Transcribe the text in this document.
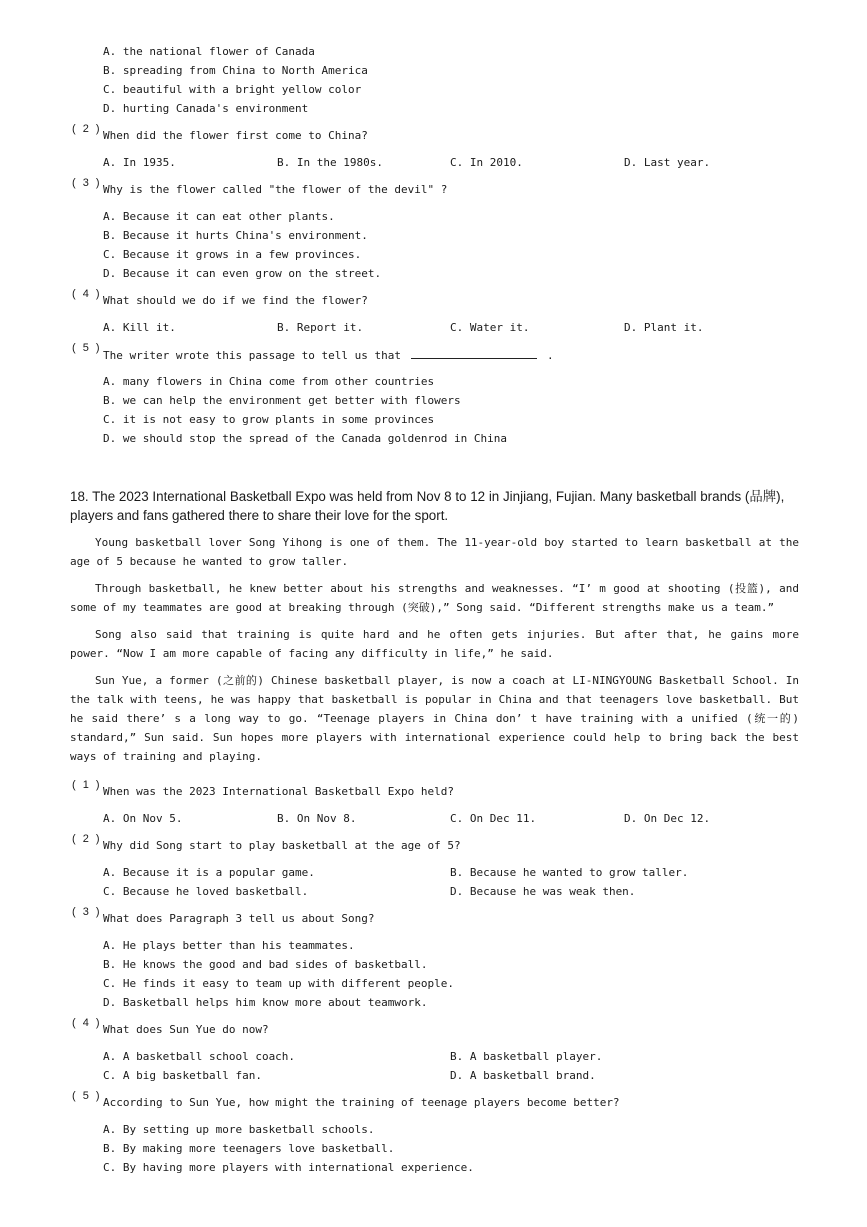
A. the national flower of Canada
B. spreading from China to North America
C. beautiful with a bright yellow color
D. hurting Canada's environment
( 2 ) When did the flower first come to China?
A. In 1935.	B. In the 1980s.	C. In 2010.	D. Last year.
( 3 ) Why is the flower called "the flower of the devil" ?
A. Because it can eat other plants.
B. Because it hurts China's environment.
C. Because it grows in a few provinces.
D. Because it can even grow on the street.
( 4 ) What should we do if we find the flower?
A. Kill it.	B. Report it.	C. Water it.	D. Plant it.
( 5 )
The writer wrote this passage to tell us that	.
A. many flowers in China come from other countries
B. we can help the environment get better with flowers
C. it is not easy to grow plants in some provinces
D. we should stop the spread of the Canada goldenrod in China
18. The 2023 International Basketball Expo was held from Nov 8 to 12 in Jinjiang, Fujian. Many basketball brands (品牌), players and fans gathered there to share their love for the sport.
Young basketball lover Song Yihong is one of them. The 11-year-old boy started to learn basketball at the age of 5 because he wanted to grow taller.
Through basketball, he knew better about his strengths and weaknesses. “I’ m good at shooting (投篮), and some of my teammates are good at breaking through (突破),” Song said. “Different strengths make us a team.”
Song also said that training is quite hard and he often gets injuries. But after that, he gains more power. “Now I am more capable of facing any difficulty in life,” he said.
Sun Yue, a former (之前的) Chinese basketball player, is now a coach at LI-NINGYOUNG Basketball School. In the talk with teens, he was happy that basketball is popular in China and that teenagers love basketball. But he said there’ s a long way to go. “Teenage players in China don’ t have training with a unified (统一的) standard,” Sun said. Sun hopes more players with international experience could help to bring back the best ways of training and playing.
( 1 ) When was the 2023 International Basketball Expo held?
A. On Nov 5.	B. On Nov 8.	C. On Dec 11.	D. On Dec 12.
( 2 ) Why did Song start to play basketball at the age of 5?
A. Because it is a popular game.	B. Because he wanted to grow taller.
C. Because he loved basketball.	D. Because he was weak then.
( 3 ) What does Paragraph 3 tell us about Song?
A. He plays better than his teammates.
B. He knows the good and bad sides of basketball.
C. He finds it easy to team up with different people.
D. Basketball helps him know more about teamwork.
( 4 ) What does Sun Yue do now?
A. A basketball school coach.	B. A basketball player.
C. A big basketball fan.	D. A basketball brand.
( 5 ) According to Sun Yue, how might the training of teenage players become better?
A. By setting up more basketball schools.
B. By making more teenagers love basketball.
C. By having more players with international experience.
